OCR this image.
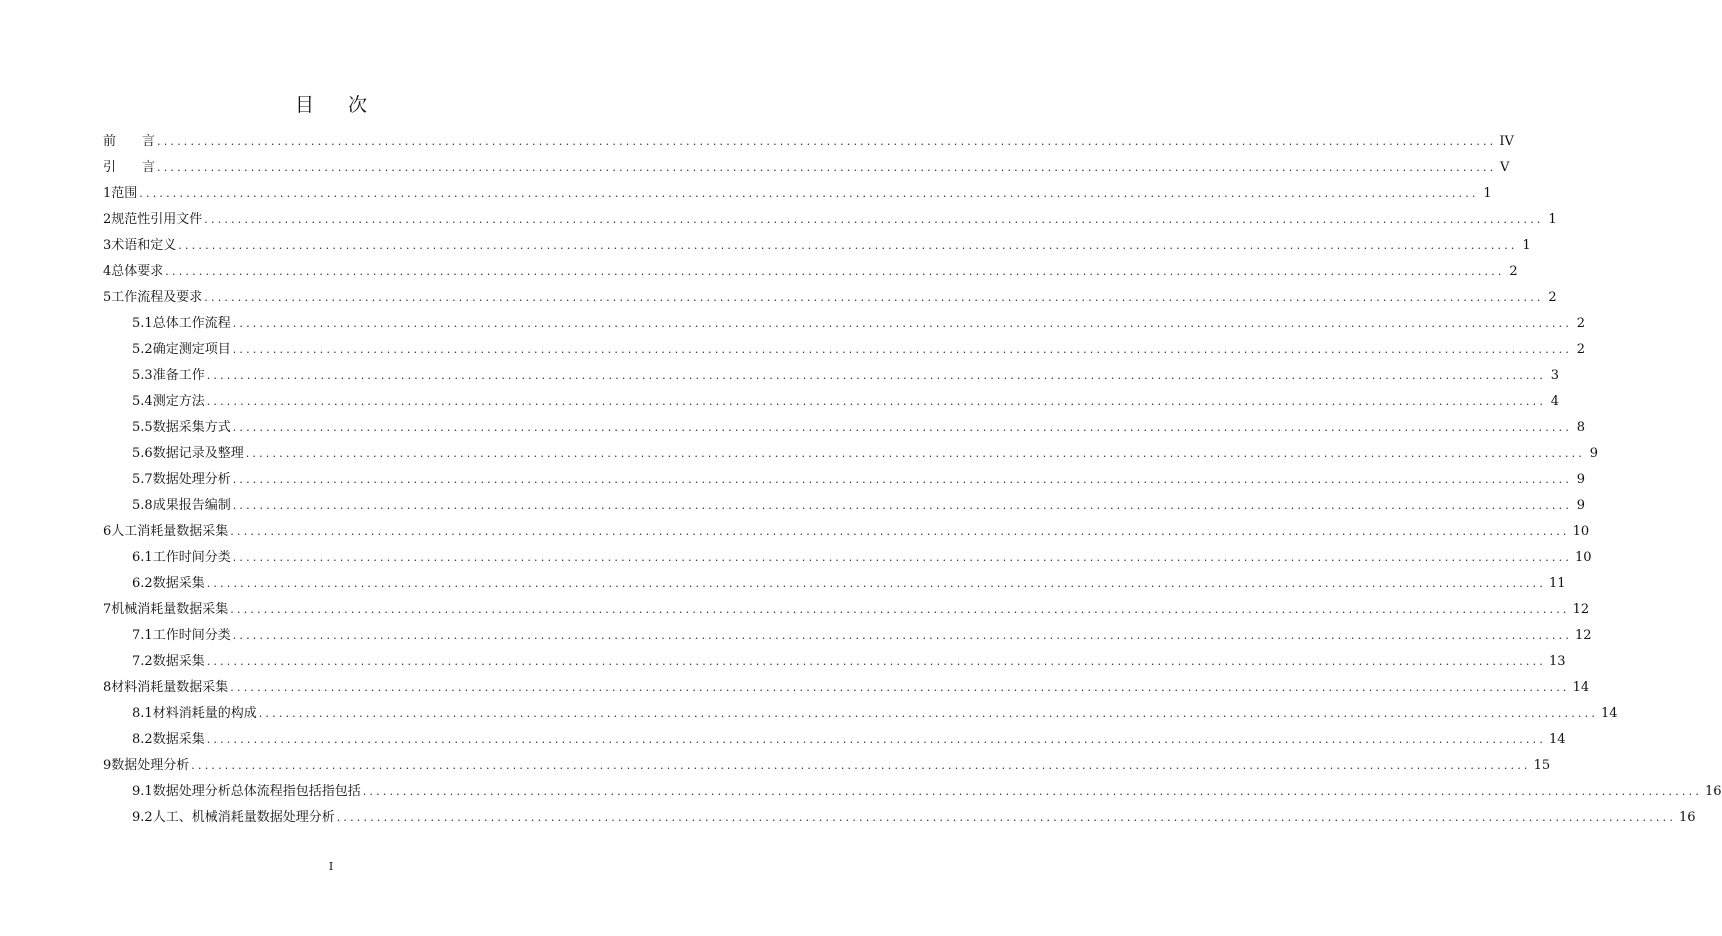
目 次
前　　言 ........................................................................................................................................................................................................ IV
引　　言 ........................................................................................................................................................................................................ V
1 范围 ........................................................................................................................................................................................................ 1
2 规范性引用文件 ........................................................................................................................................................................................................ 1
3 术语和定义 ........................................................................................................................................................................................................ 1
4 总体要求 ........................................................................................................................................................................................................ 2
5 工作流程及要求 ........................................................................................................................................................................................................ 2
5.1 总体工作流程 ........................................................................................................................................................................................................ 2
5.2 确定测定项目 ........................................................................................................................................................................................................ 2
5.3 准备工作 ........................................................................................................................................................................................................ 3
5.4 测定方法 ........................................................................................................................................................................................................ 4
5.5 数据采集方式 ........................................................................................................................................................................................................ 8
5.6 数据记录及整理 ........................................................................................................................................................................................................ 9
5.7 数据处理分析 ........................................................................................................................................................................................................ 9
5.8 成果报告编制 ........................................................................................................................................................................................................ 9
6 人工消耗量数据采集 ........................................................................................................................................................................................................ 10
6.1 工作时间分类 ........................................................................................................................................................................................................ 10
6.2 数据采集 ........................................................................................................................................................................................................ 11
7 机械消耗量数据采集 ........................................................................................................................................................................................................ 12
7.1 工作时间分类 ........................................................................................................................................................................................................ 12
7.2 数据采集 ........................................................................................................................................................................................................ 13
8 材料消耗量数据采集 ........................................................................................................................................................................................................ 14
8.1 材料消耗量的构成 ........................................................................................................................................................................................................ 14
8.2 数据采集 ........................................................................................................................................................................................................ 14
9 数据处理分析 ........................................................................................................................................................................................................ 15
9.1 数据处理分析总体流程指包括指包括 ........................................................................................................................................................................................................ 16
9.2 人工、机械消耗量数据处理分析 ........................................................................................................................................................................................................ 16
I
